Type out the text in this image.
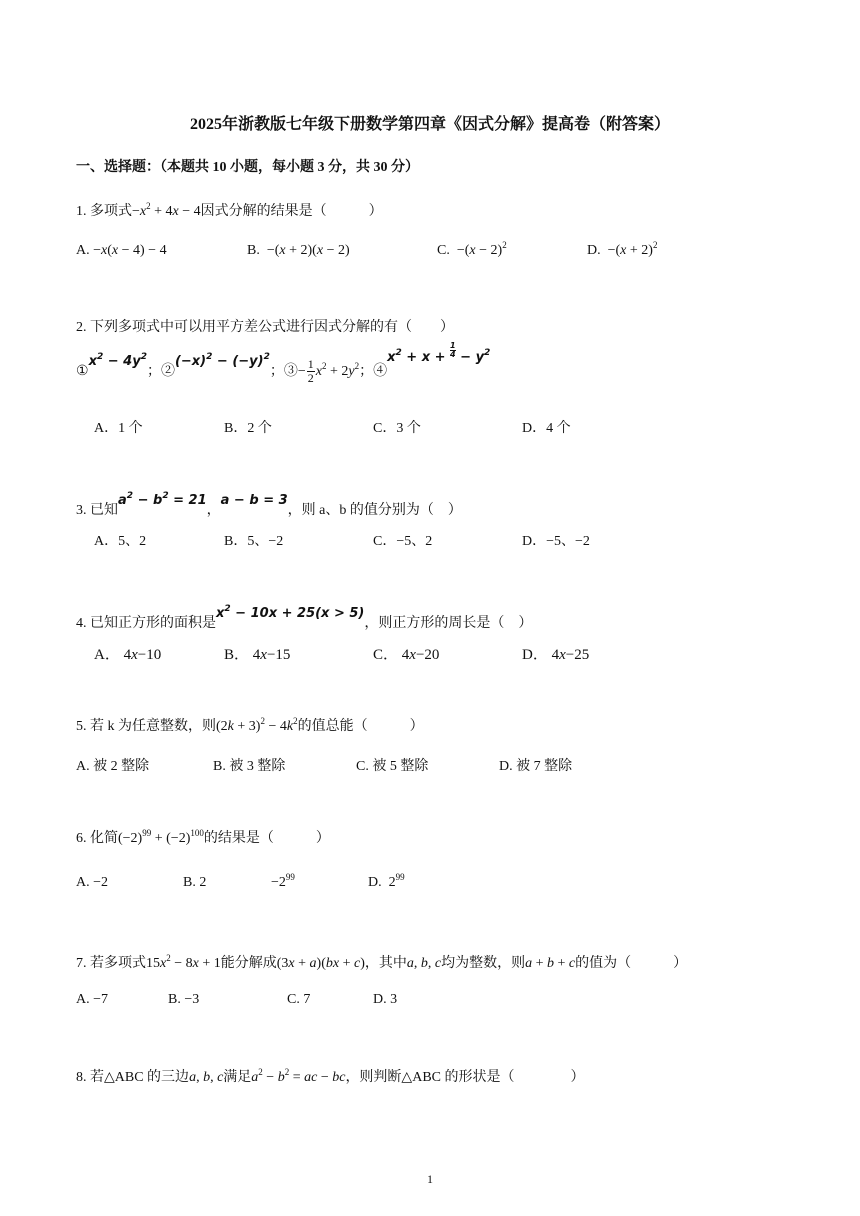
2025年浙教版七年级下册数学第四章《因式分解》提高卷（附答案）
一、选择题：（本题共 10 小题，每小题 3 分，共 30 分）
1. 多项式$-x^2 + 4x - 4$因式分解的结果是（　　　）
A. −x(x − 4) − 4	B.  −(x + 2)(x − 2)	C.  $-(x - 2)^2$	D.  $-(x + 2)^2$
2. 下列多项式中可以用平方差公式进行因式分解的有（　　）
$①x^2 - 4y^2$；$②(-x)^2 - (-y)^2$；③− $\frac{1}{2} x^2 + 2y^2$；$④x^2 + x + \frac{1}{4} - y^2$
A．1 个	B．2 个	C．3 个	D．4 个
3. 已知$a^2 - b^2 = 21$，a − b = 3，则 a、b 的值分别为（　）
A．5、2	B．5、−2	C．−5、2	D．−5、−2
4. 已知正方形的面积是$x^2 - 10x + 25(x > 5)$，则正方形的周长是（　）
A． 4x−10	B． 4x−15	C． 4x−20	D． 4x−25
5. 若 k 为任意整数，则$(2k + 3)^2 - 4k^2$的值总能（　　　）
A. 被 2 整除	B. 被 3 整除	C. 被 5 整除	D. 被 7 整除
6. 化简$(-2)^{99} + (-2)^{100}$的结果是（　　　）
A. −2	B. 2	$-2^{99}$	D.  $2^{99}$
7. 若多项式$15x^2 - 8x + 1$能分解成(3x + a)(bx + c)，其中a, b, c均为整数，则a + b + c的值为（　　　）
A. −7	B. −3	C. 7	D. 3
8. 若△ABC 的三边a, b, c满足$a^2 - b^2$ = ac − bc，则判断△ABC 的形状是（　　　　）
1
